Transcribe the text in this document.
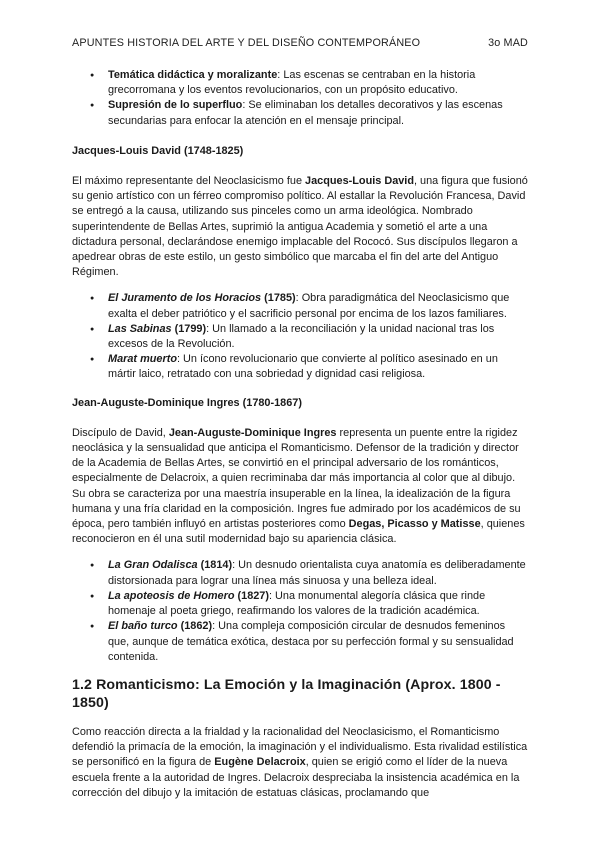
APUNTES HISTORIA DEL ARTE Y DEL DISEÑO CONTEMPORÁNEO	3o MAD
● Temática didáctica y moralizante: Las escenas se centraban en la historia grecorromana y los eventos revolucionarios, con un propósito educativo.
● Supresión de lo superfluo: Se eliminaban los detalles decorativos y las escenas secundarias para enfocar la atención en el mensaje principal.
Jacques-Louis David (1748-1825)

El máximo representante del Neoclasicismo fue Jacques-Louis David, una figura que fusionó su genio artístico con un férreo compromiso político. Al estallar la Revolución Francesa, David se entregó a la causa, utilizando sus pinceles como un arma ideológica. Nombrado superintendente de Bellas Artes, suprimió la antigua Academia y sometió el arte a una dictadura personal, declarándose enemigo implacable del Rococó. Sus discípulos llegaron a apedrear obras de este estilo, un gesto simbólico que marcaba el fin del arte del Antiguo Régimen.

● El Juramento de los Horacios (1785): Obra paradigmática del Neoclasicismo que exalta el deber patriótico y el sacrificio personal por encima de los lazos familiares.
● Las Sabinas (1799): Un llamado a la reconciliación y la unidad nacional tras los excesos de la Revolución.
● Marat muerto: Un ícono revolucionario que convierte al político asesinado en un mártir laico, retratado con una sobriedad y dignidad casi religiosa.
Jean-Auguste-Dominique Ingres (1780-1867)

Discípulo de David, Jean-Auguste-Dominique Ingres representa un puente entre la rigidez neoclásica y la sensualidad que anticipa el Romanticismo. Defensor de la tradición y director de la Academia de Bellas Artes, se convirtió en el principal adversario de los románticos, especialmente de Delacroix, a quien recriminaba dar más importancia al color que al dibujo. Su obra se caracteriza por una maestría insuperable en la línea, la idealización de la figura humana y una fría claridad en la composición. Ingres fue admirado por los académicos de su época, pero también influyó en artistas posteriores como Degas, Picasso y Matisse, quienes reconocieron en él una sutil modernidad bajo su apariencia clásica.

● La Gran Odalisca (1814): Un desnudo orientalista cuya anatomía es deliberadamente distorsionada para lograr una línea más sinuosa y una belleza ideal.
● La apoteosis de Homero (1827): Una monumental alegoría clásica que rinde homenaje al poeta griego, reafirmando los valores de la tradición académica.
● El baño turco (1862): Una compleja composición circular de desnudos femeninos que, aunque de temática exótica, destaca por su perfección formal y su sensualidad contenida.
1.2 Romanticismo: La Emoción y la Imaginación (Aprox. 1800 - 1850)

Como reacción directa a la frialdad y la racionalidad del Neoclasicismo, el Romanticismo defendió la primacía de la emoción, la imaginación y el individualismo. Esta rivalidad estilística se personificó en la figura de Eugène Delacroix, quien se erigió como el líder de la nueva escuela frente a la autoridad de Ingres. Delacroix despreciaba la insistencia académica en la corrección del dibujo y la imitación de estatuas clásicas, proclamando que
